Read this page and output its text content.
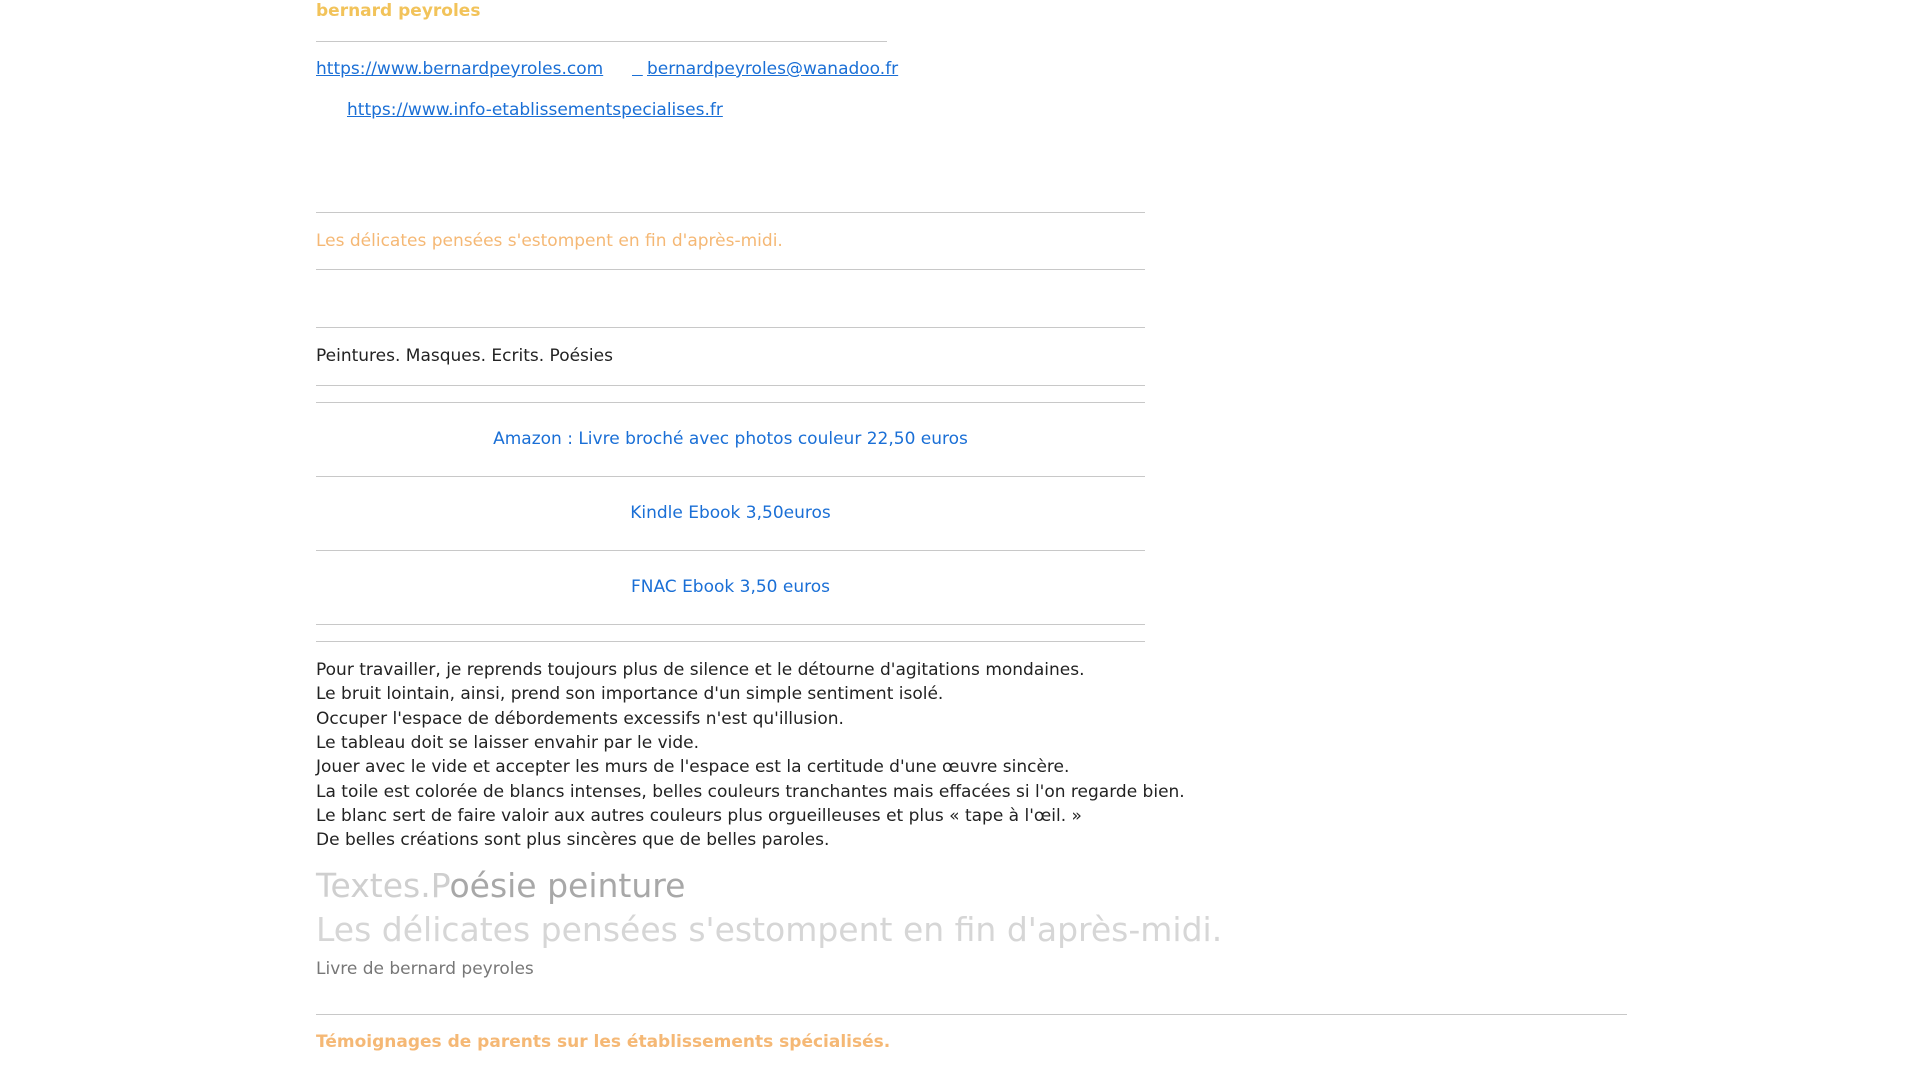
bernard peyroles
https://www.bernardpeyroles.com

	bernardpeyroles@wanadoo.fr
https://www.info-etablissementspecialises.fr
Les délicates pensées s'estompent en fin d'après-midi.
Peintures. Masques. Ecrits. Poésies
Amazon : Livre broché avec photos couleur 22,50 euros
Kindle Ebook 3,50euros
FNAC Ebook 3,50 euros
Pour travailler, je reprends toujours plus de silence et le détourne d'agitations mondaines.
Le bruit lointain, ainsi, prend son importance d'un simple sentiment isolé.
Occuper l'espace de débordements excessifs n'est qu'illusion.
Le tableau doit se laisser envahir par le vide.
Jouer avec le vide et accepter les murs de l'espace est la certitude d'une œuvre sincère.
La toile est colorée de blancs intenses, belles couleurs tranchantes mais effacées si l'on regarde bien.
Le blanc sert de faire valoir aux autres couleurs plus orgueilleuses et plus « tape à l'œil. »
De belles créations sont plus sincères que de belles paroles.
Textes.Poésie peinture
Les délicates pensées s'estompent en fin d'après-midi.
Livre de bernard peyroles
Témoignages de parents sur les établissements spécialisés.
